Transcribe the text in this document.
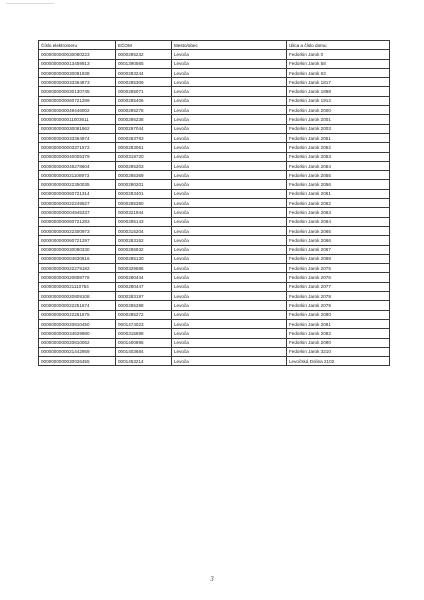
Číslo elektromeru	EČOM	Mesto/obec	Ulica a číslo domu
0000000000030080223	0000285232	Levoča	Fedorkin Jarok 0
0000000000013459913	0001390565	Levoča	Fedorkin Jarok 58
0000000000030081938	0000283244	Levoča	Fedorkin Jarok 63
0000000000033364873	0000285309	Levoča	Fedorkin Jarok 1817
0000000000030130745	0000285071	Levoča	Fedorkin Jarok 1898
0000000000060721289	0000285406	Levoča	Fedorkin Jarok 1912
0000000000049446002	0000285278	Levoča	Fedorkin Jarok 2000
0000000000011003611	0000285238	Levoča	Fedorkin Jarok 2001
0000000000030081962	0000297044	Levoča	Fedorkin Jarok 2003
0000000000033364974	0000283783	Levoča	Fedorkin Jarok 2051
0000000000003371572	0000283061	Levoča	Fedorkin Jarok 2052
0000000000040005379	0000319720	Levoča	Fedorkin Jarok 2053
0000000000046278604	0000285203	Levoča	Fedorkin Jarok 2054
0000000000021108973	0000285369	Levoča	Fedorkin Jarok 2055
0000000000022350035	0000290201	Levoča	Fedorkin Jarok 2056
0000000000060721314	0000283401	Levoča	Fedorkin Jarok 2061
0000000000022249627	0000285380	Levoča	Fedorkin Jarok 2062
0000000000004945337	0000321944	Levoča	Fedorkin Jarok 2063
0000000000060721283	0000285143	Levoča	Fedorkin Jarok 2064
0000000000022300973	0000315204	Levoča	Fedorkin Jarok 2065
0000000000060721297	0000283152	Levoča	Fedorkin Jarok 2066
0000000000030080330	0000286932	Levoča	Fedorkin Jarok 2067
0000000000004630816	0000285130	Levoča	Fedorkin Jarok 2068
0000000000022279182	0000329586	Levoča	Fedorkin Jarok 2075
0000000000020808776	0000280444	Levoča	Fedorkin Jarok 2076
0000000000021110754	0000280447	Levoča	Fedorkin Jarok 2077
0000000000020809108	0000283197	Levoča	Fedorkin Jarok 2078
0000000000022251674	0000285288	Levoča	Fedorkin Jarok 2079
0000000000022251675	0000285272	Levoča	Fedorkin Jarok 2080
0000000000020810450	0001474023	Levoča	Fedorkin Jarok 2081
0000000000034629980	0000315898	Levoča	Fedorkin Jarok 2082
0000000000020810062	0001400895	Levoča	Fedorkin Jarok 2090
0000000000021442959	0001403684	Levoča	Fedorkin Jarok 3210
0000000000030026455	0001453214	Levoča	Levočská Dolina 2102
3
